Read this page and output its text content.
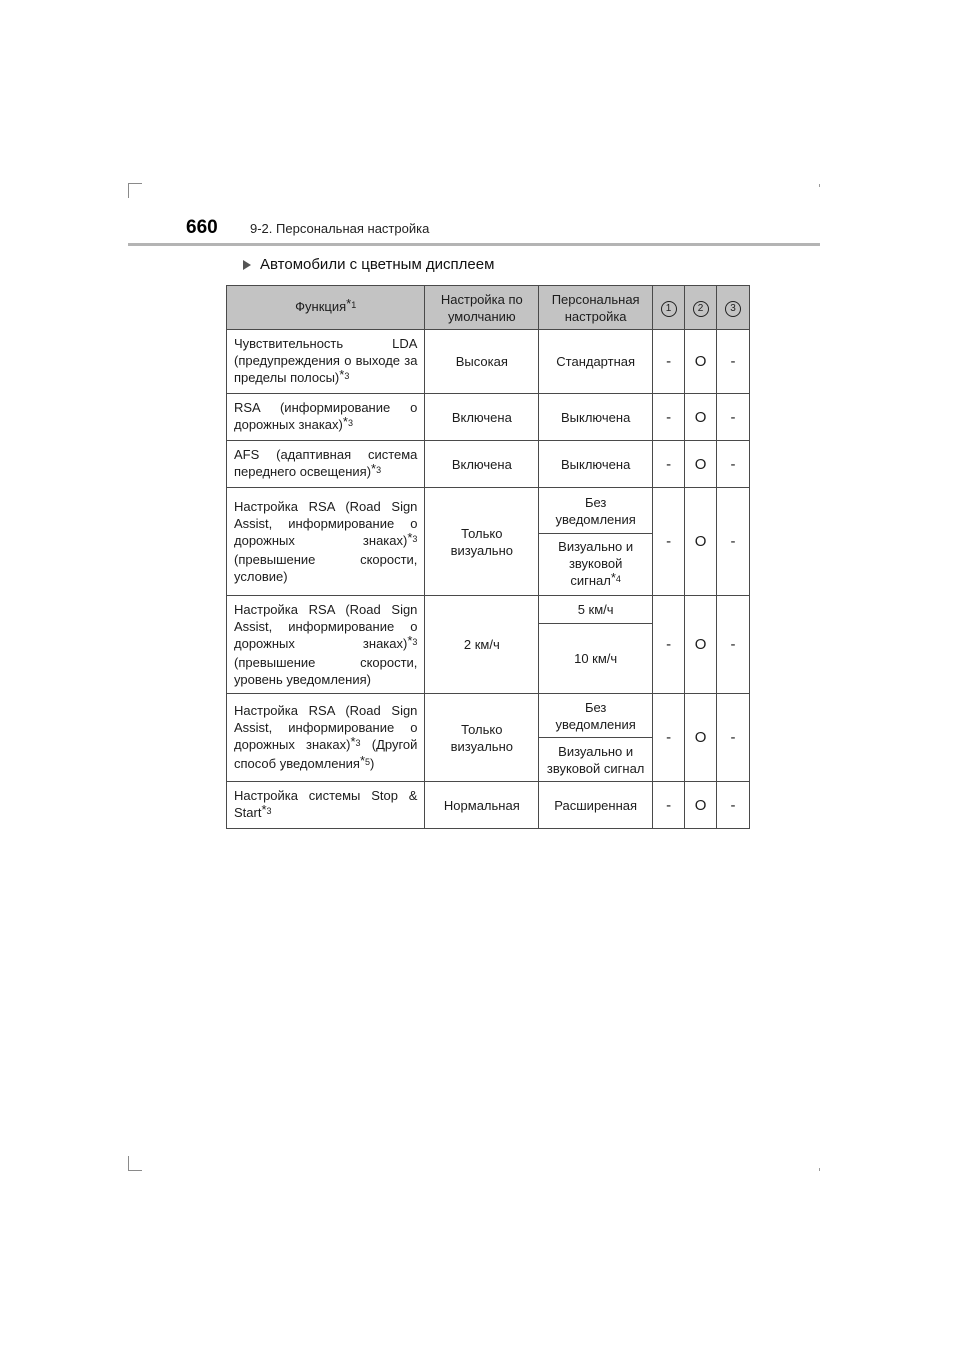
660 9-2. Персональная настройка
Автомобили с цветным дисплеем
Функция$^{*1}$	Настройка по умолчанию	Персональная настройка	1	2	3
Чувствительность LDA (предупреждения о выходе за пределы полосы)$^{*3}$	Высокая	Стандартная	-	O	-
RSA (информирование о дорожных знаках)$^{*3}$	Включена	Выключена	-	O	-
AFS (адаптивная система переднего освещения)$^{*3}$	Включена	Выключена	-	O	-
Настройка RSA (Road Sign Assist, информирование о дорожных знаках)$^{*3}$ (превышение скорости, условие)	Только визуально	Без уведомления	-	O	-
		Визуально и звуковой сигнал$^{*4}$
Настройка RSA (Road Sign Assist, информирование о дорожных знаках)$^{*3}$ (превышение скорости, уровень уведомления)	2 км/ч	5 км/ч	-	O	-
		10 км/ч			
Настройка RSA (Road Sign Assist, информирование о дорожных знаках)$^{*3}$ (Другой способ уведомления$^{*5}$)	Только визуально	Без уведомления	-	O	-
		Визуально и звуковой сигнал			
Настройка системы Stop & Start$^{*3}$	Нормальная	Расширенная	-	O	-
